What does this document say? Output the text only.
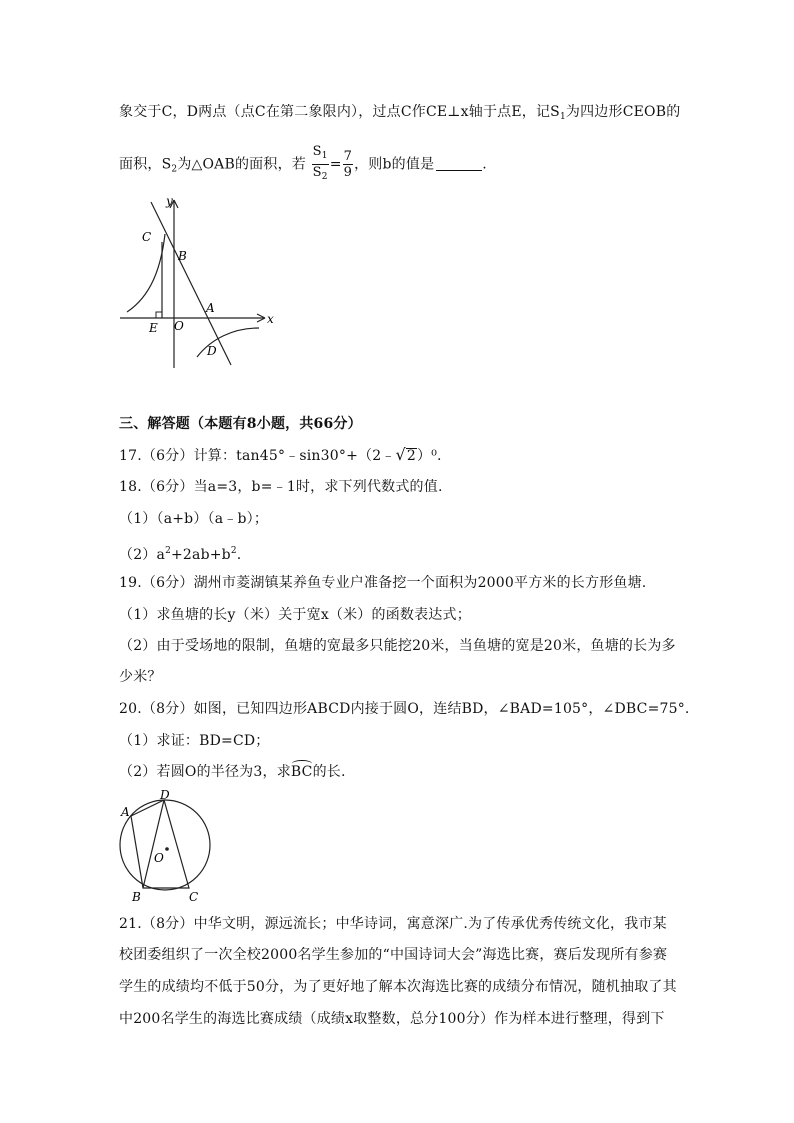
象交于C，D两点（点C在第二象限内），过点C作CE⊥x轴于点E，记$S_1$为四边形CEOB的
面积，$S_2$为△OAB的面积，若 $\frac{S_1}{S_2} = \frac{7}{9}$ ，则b的值是	.
y
x
C
B
A
E O
D
三、解答题（本题有8小题，共66分）
17.（6分）计算：tan45°﹣sin30°+（2﹣√2）⁰.
18.（6分）当a=3，b=﹣1时，求下列代数式的值.
（1）（a+b）（a﹣b）；
$(2)a^2+2ab+b^2$.
19.（6分）湖州市菱湖镇某养鱼专业户准备挖一个面积为2000平方米的长方形鱼塘.
（1）求鱼塘的长y（米）关于宽x（米）的函数表达式；
（2）由于受场地的限制，鱼塘的宽最多只能挖20米，当鱼塘的宽是20米，鱼塘的长为多
少米？
20.（8分）如图，已知四边形ABCD内接于圆O，连结BD，∠BAD=105°，∠DBC=75°.
（1）求证：BD=CD；
（2）若圆O的半径为3，求BC的长.
A
D
O
B	C
21.（8分）中华文明，源远流长；中华诗词，寓意深广.为了传承优秀传统文化，我市某
校团委组织了一次全校2000名学生参加的“中国诗词大会”海选比赛，赛后发现所有参赛
学生的成绩均不低于50分，为了更好地了解本次海选比赛的成绩分布情况，随机抽取了其
中200名学生的海选比赛成绩（成绩x取整数，总分100分）作为样本进行整理，得到下
